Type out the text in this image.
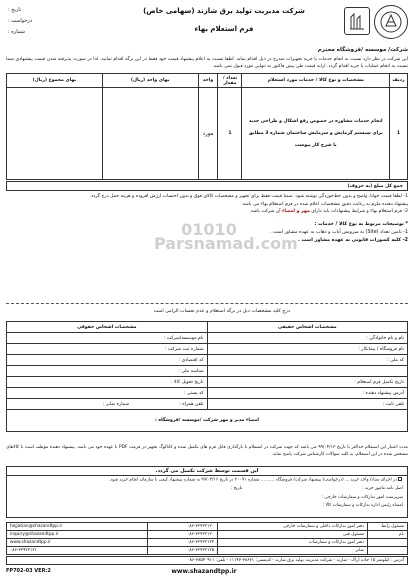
شرکت مدیریت تولید برق شازند (سهامی خاص)
فرم استعلام بهاء
تاریخ :
درخواست :
شماره :
شرکت/ موسسه /فروشگاه محترم
این شرکت در نظر دارد نسبت به انجام خدمات یا خرید تجهیزات مندرج در ذیل اقدام نماید. لطفا نسبت به اعلام پیشنهاد قیمت خود فقط در این برگه اقدام نمایید. لذا در صورت پذیرفته شدن قیمت پیشنهادی شما نسبت به انجام عملیات یا خرید اقدام گردد. ارایه قیمت طی پیش فاکتور به تنهایی مورد قبول نمی باشد.
ردیف	مشخصات و نوع کالا / خدمات مورد استعلام	تعداد / مقدار	واحد	بهای واحد (ریال)	بهای مجموع (ریال)
1	انجام خدمات مشاوره در خصوص رفع اشکال و طراحی جدید برای سیستم گرمایش و سرمایش ساختمان شماره 3 مطابق با شرح کار پیوست	1	مورد		
جمع کل مبلغ (به حروف)

1- لطفا قیمت خوانا، واضح و بدون خط‌خوردگی نوشته شود. ضمنا قیمت فقط برای تجهیز و مشخصات کالای فوق و بدون احتساب ارزش افزوده و هزینه حمل درج گردد.

پیشنهاد دهنده ملزم به رعایت دقیق مشخصات اعلام شده در فرم استعلام بهاء می باشد.

2- فرم استعلام بهاء و شرایط پیشنهادات باید دارای مهر و امضاء آن شرکت باشد.

* توضیحات مربوط به نوع کالا / خدمات :
1- تامین تعداد (Site) به سرویس آیاب و ذهاب به عهده مشاور است .
2- کلیه کسورات قانونی به عهده مشاور است .
01010 Parsnamad.com
درج کلیه مشخصات ذیل در برگه استعلام و عدم تحساب الزامی است
مشخصات اشخاص حقیقی	مشخصات اشخاص حقوقی
نام و نام خانوادگی :	نام موسسه/شرکت :
نام فروشگاه / پیمانکار :	شماره ثبت شرکت :
کد ملی :	کد اقتصادی :
	شناسه ملی :
تاریخ تکمیل فرم استعلام :	تاریخ تحویل کالا :
آدرس پیشنهاد دهنده :	کد پستی :
تلفن ثابت :	تلفن همراه :شماره نمابر :
امضاء مدیر و مهر شرکت /موسسه /فروشگاه :	
مدت اعتبار این استعلام حداکثر تا تاریخ ۹۹/۰۴/۱۳ می باشد که جهت شرکت در استعلام با بارگذاری فایل فرم های تکمیل شده و کاتالوگ تجهیز در فرمت PDF با عهده خود می باشد. پیشنهاد دهنده موظف است با کالاهای مشخص شده در این استعلام، به کلیه سوالات کارشناس شرکت پاسخ نماید.
این قسمت توسط شرکت تکمیل می گردد.
در اجرای ستاد/ واحد خرید ... (درخواست) پیشنهاد شرکت/ فروشگاه .......... شماره ۲۰۰۹۱ در تاریخ ۹۹/۰۴/۱۶ به شماره پیشنهاد کیفی با سازمان انجام خرید شود.
اصل نامه مامور خرید :تاریخ :
سرپرست امور تدارکات و سفارشات خارجی :
امضاء رئیس اداره تدارکات و سفارشات کالا :
مسئول رابط	دفتر امور تدارکات داخلی و سفارشات خارجی	۰۸۶-۳۲۹۲۲۱۲۰	hojjatian@shazandtpp.ir
نام	مسئول فنی	۰۸۶-۳۲۹۲۲۱۲۰	inquiry@shazandtpp.ir
	دفتر امور تدارکات و سفارشات	۰۸۶-۳۲۹۲۲۱۲۴	www.shazandtpp.ir
	نمابر	۰۸۶-۳۲۹۲۲۱۲۵	۰۸۶-۳۲۹۲۲۱۲۱
آدرس : کیلومتر ۱۵ جاده اراک - شازند - شرکت مدیریت تولید برق شازند - کدپستی: ۳۸۶۷۱-۱۱۱۴۷ - تلفن: ۳۸۵۴۰۹۱۱-۰۸۶
www.shazandtpp.ir
FP702-03 VER:2
